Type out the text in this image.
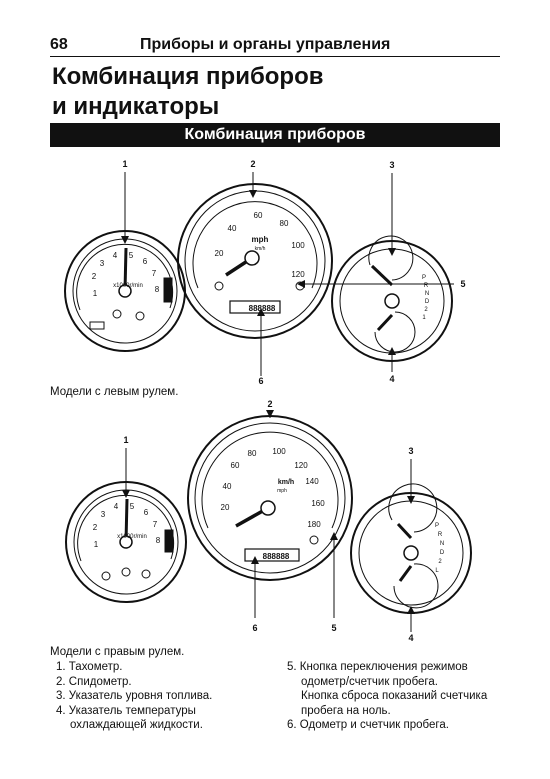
68	Приборы и органы управления
Комбинация приборов
и индикаторы
Комбинация приборов
1
2
3
4 5
6
7
8
x1000r/min
20
40
60
80
100
120
mph
km/h
888888
P
R
N
D
2
1
1	2	3
5
6	4
Модели с левым рулем.
1
2
3
4 5
6
7
8
x1000r/min
20
40
60
80 100
120
140
160
180
km/h
mph
888888
P
R
N
D
2
L
1
2
3
4
6	5
Модели с правым рулем.
1. Тахометр.
2. Спидометр.
3. Указатель уровня топлива.
4. Указатель температуры
охлаждающей жидкости.
5. Кнопка переключения режимов
одометр/счетчик пробега.
Кнопка сброса показаний счетчика
пробега на ноль.
6. Одометр и счетчик пробега.
